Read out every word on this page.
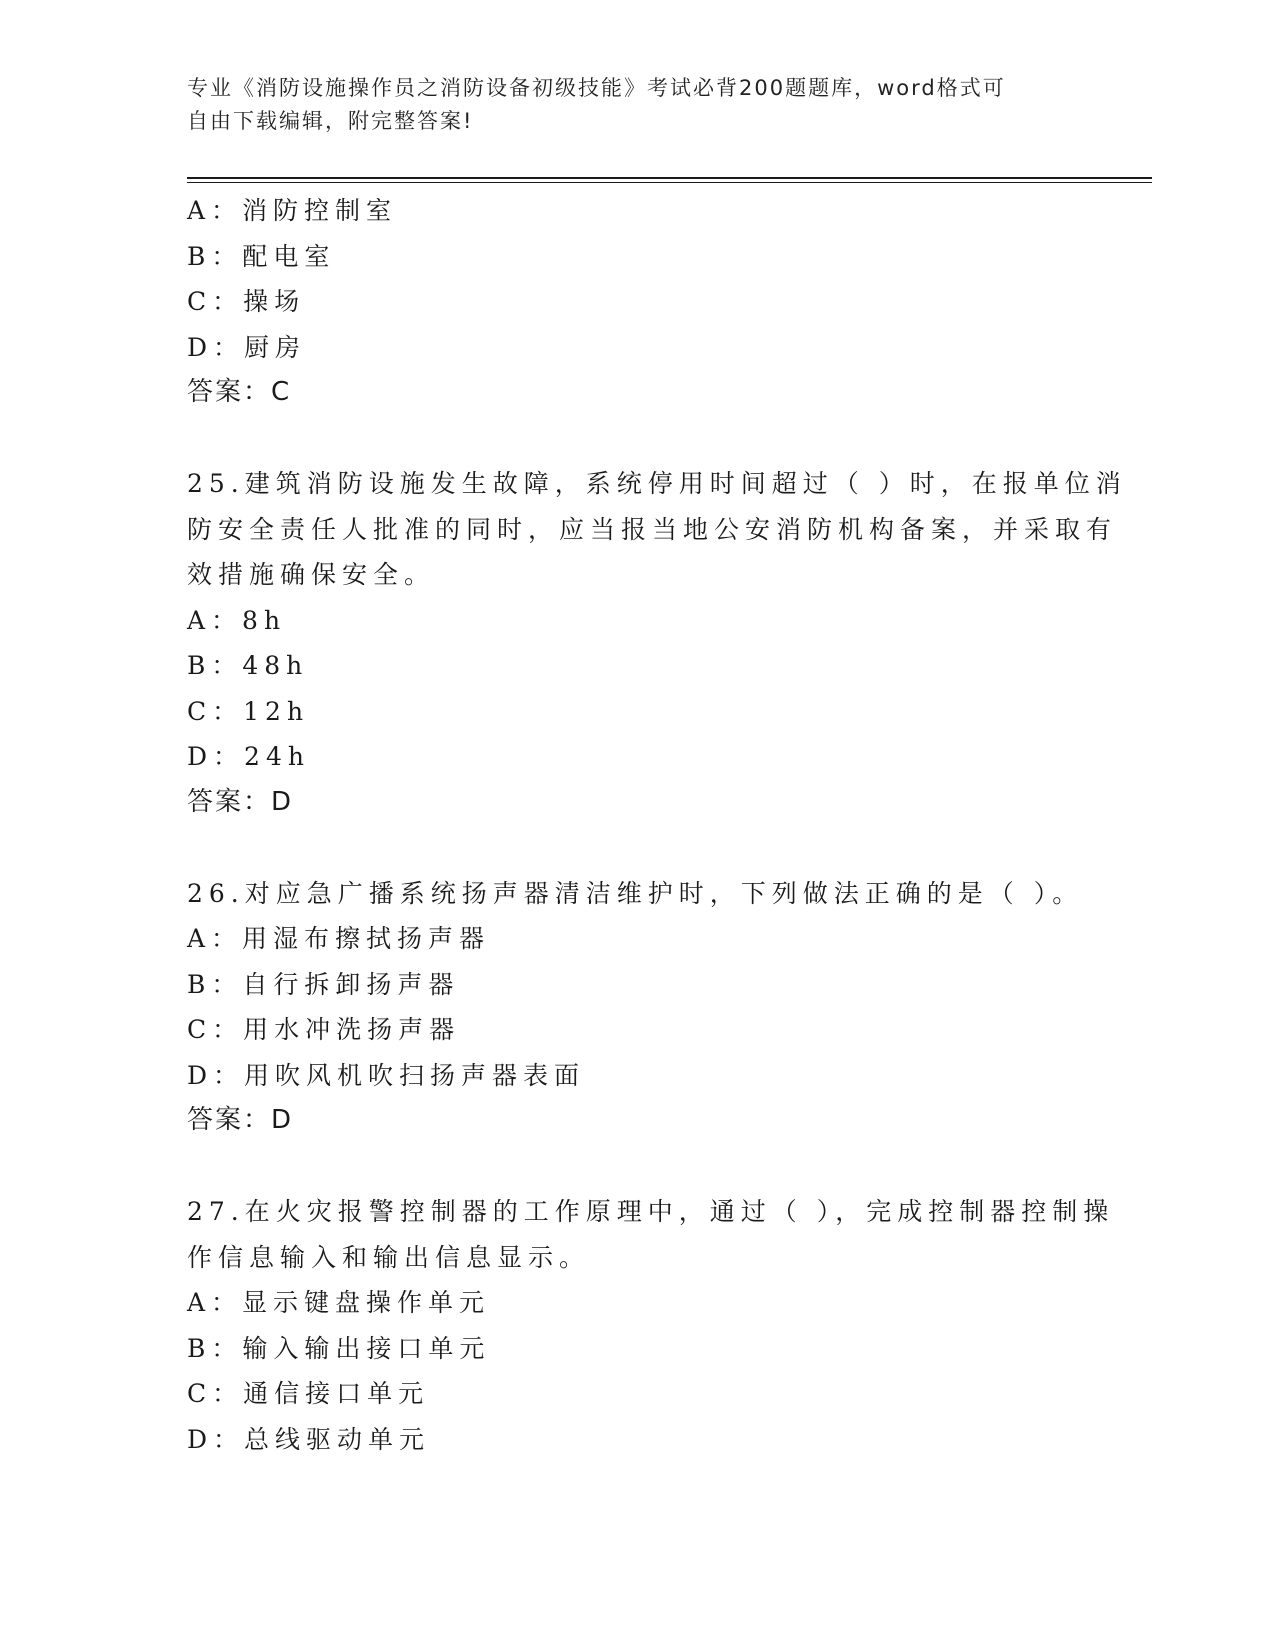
专业《消防设施操作员之消防设备初级技能》考试必背200题题库，word格式可
自由下载编辑，附完整答案!
A：消防控制室
B：配电室
C：操场
D：厨房
答案：C
25.建筑消防设施发生故障，系统停用时间超过（ ）时，在报单位消
防安全责任人批准的同时，应当报当地公安消防机构备案，并采取有
效措施确保安全。
A：8h
B：48h
C：12h
D：24h
答案：D
26.对应急广播系统扬声器清洁维护时，下列做法正确的是（ ）。
A：用湿布擦拭扬声器
B：自行拆卸扬声器
C：用水冲洗扬声器
D：用吹风机吹扫扬声器表面
答案：D
27.在火灾报警控制器的工作原理中，通过（ ），完成控制器控制操
作信息输入和输出信息显示。
A：显示键盘操作单元
B：输入输出接口单元
C：通信接口单元
D：总线驱动单元
